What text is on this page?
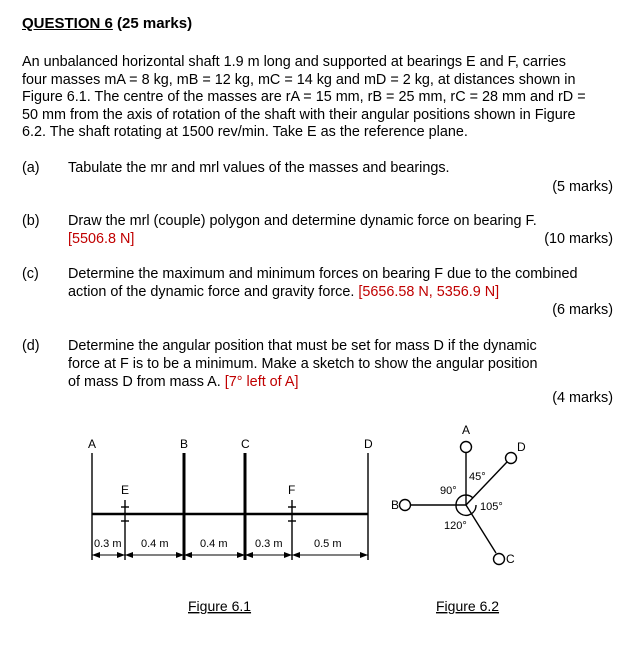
QUESTION 6 (25 marks)
An unbalanced horizontal shaft 1.9 m long and supported at bearings E and F, carries
four masses mA = 8 kg, mB = 12 kg, mC = 14 kg and mD = 2 kg, at distances shown in
Figure 6.1. The centre of the masses are rA = 15 mm, rB = 25 mm, rC = 28 mm and rD =
50 mm from the axis of rotation of the shaft with their angular positions shown in Figure
6.2. The shaft rotating at 1500 rev/min. Take E as the reference plane.
(a) Tabulate the mr and mrl values of the masses and bearings.
(5 marks)
(b) Draw the mrl (couple) polygon and determine dynamic force on bearing F.
[5506.8 N]	(10 marks)
(c) Determine the maximum and minimum forces on bearing F due to the combined
action of the dynamic force and gravity force. [5656.58 N, 5356.9 N]
(6 marks)
(d) Determine the angular position that must be set for mass D if the dynamic
force at F is to be a minimum. Make a sketch to show the angular position
of mass D from mass A. [7° left of A]
(4 marks)
A	B	C	D
E	F
0.3 m 0.4 m	0.4 m 0.3 m	0.5 m
Figure 6.1
A
B
D
C
90°
45°
105°
120°
Figure 6.2
